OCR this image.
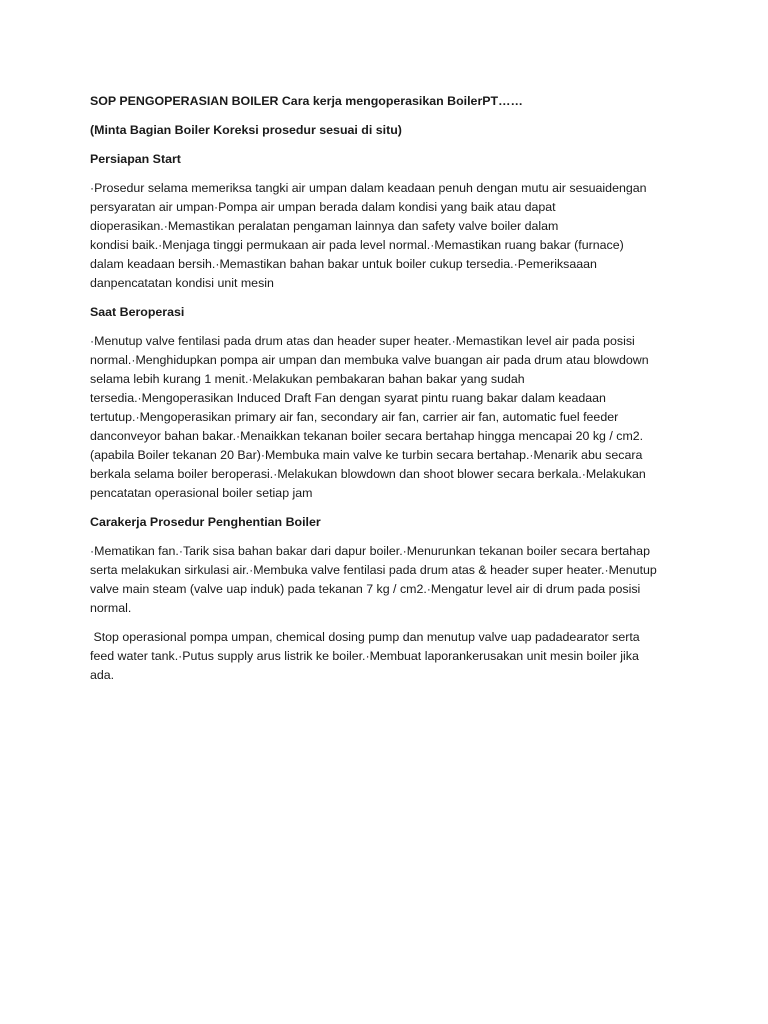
SOP PENGOPERASIAN BOILER Cara kerja mengoperasikan BoilerPT……

(Minta Bagian Boiler Koreksi prosedur sesuai di situ)

Persiapan Start

·Prosedur selama memeriksa tangki air umpan dalam keadaan penuh dengan mutu air sesuaidengan

persyaratan air umpan·Pompa air umpan berada dalam kondisi yang baik atau dapat

dioperasikan.·Memastikan peralatan pengaman lainnya dan safety valve boiler dalam

kondisi baik.·Menjaga tinggi permukaan air pada level normal.·Memastikan ruang bakar (furnace)

dalam keadaan bersih.·Memastikan bahan bakar untuk boiler cukup tersedia.·Pemeriksaaan

danpencatatan kondisi unit mesin

Saat Beroperasi

·Menutup valve fentilasi pada drum atas dan header super heater.·Memastikan level air pada posisi

normal.·Menghidupkan pompa air umpan dan membuka valve buangan air pada drum atau blowdown

selama lebih kurang 1 menit.·Melakukan pembakaran bahan bakar yang sudah

tersedia.·Mengoperasikan Induced Draft Fan dengan syarat pintu ruang bakar dalam keadaan

tertutup.·Mengoperasikan primary air fan, secondary air fan, carrier air fan, automatic fuel feeder

danconveyor bahan bakar.·Menaikkan tekanan boiler secara bertahap hingga mencapai 20 kg / cm2.

(apabila Boiler tekanan 20 Bar)·Membuka main valve ke turbin secara bertahap.·Menarik abu secara

berkala selama boiler beroperasi.·Melakukan blowdown dan shoot blower secara berkala.·Melakukan

pencatatan operasional boiler setiap jam

Carakerja Prosedur Penghentian Boiler

·Mematikan fan.·Tarik sisa bahan bakar dari dapur boiler.·Menurunkan tekanan boiler secara bertahap

serta melakukan sirkulasi air.·Membuka valve fentilasi pada drum atas & header super heater.·Menutup

valve main steam (valve uap induk) pada tekanan 7 kg / cm2.·Mengatur level air di drum pada posisi

normal.

Stop operasional pompa umpan, chemical dosing pump dan menutup valve uap padadearator serta

feed water tank.·Putus supply arus listrik ke boiler.·Membuat laporankerusakan unit mesin boiler jika

ada.
